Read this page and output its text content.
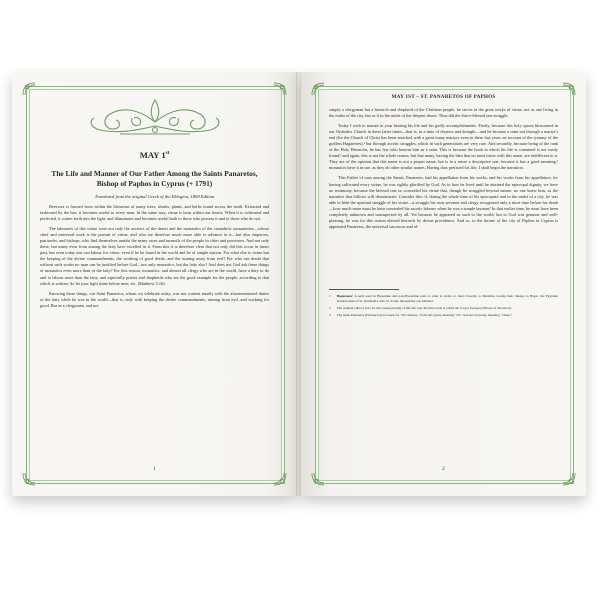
MAY 1st
The Life and Manner of Our Father Among the Saints Panaretos,
Bishop of Paphos in Cyprus (+ 1791)
Translated from the original Greek of the Eklogion, 1869 Edition

Beeswax is formed from within the blossoms of many trees, shrubs, plants, and herbs found across the earth. Extracted and fashioned by the bee, it becomes useful to every man. In the same way, virtue is born within our hearts. When it is cultivated and perfected, it comes forth into the light, and illuminates and becomes useful both to those who possess it and to those who do not.

The labourers of this virtue were not only the ascetics of the desert and the monastics of the coenobitic monasteries—whose chief and universal work is the pursuit of virtue, and who are therefore much more able to advance in it—but also emperors, patriarchs, and bishops, who find themselves amidst the many cares and turmoils of the people in cities and provinces. And not only these, but many even from among the laity have excelled in it. From this it is therefore clear that not only did this occur in times past, but even today one can labour for virtue, even if he be found in the world and be of simple station. For what else is virtue but the keeping of the divine commandments, the working of good deeds, and the turning away from evil? For who can doubt that without such works no man can be justified before God—not only monastics, but the laity also? And does not God ask these things of monastics even more than of the laity? For this reason, monastics, and almost all clergy who are in the world, have a duty to do and to labour more than the laity, and especially priests and shepherds who are the good example for the people, according to that which is written: So let your light shine before men, etc. (Matthew 5:16).

Knowing these things, our Saint Panaretos, whom we celebrate today, was not content merely with the aforementioned duties of the laity while he was in the world—that is, only with keeping the divine commandments, turning from evil, and working for good. But as a clergyman, and not

1
MAY 1ST – ST. PANARETOS OF PAPHOS

simply a clergyman but a hierarch and shepherd of the Christian people, he strove in the great works of virtue, not as one living in the midst of the city, but as if in the midst of the deepest desert. Thus did the thrice-blessed one struggle.

Today I wish to narrate to your hearing his life and his godly accomplishments. Firstly, because this holy sprout blossomed in our Orthodox Church in these latter times—that is, in a time of dryness and drought—and he became a saint not through a martyr's end (for the Church of Christ has been enriched with a great many martyrs even in these last years on account of the tyranny of the godless Hagarenes),¹ but through ascetic struggles, which in such generations are very rare. And secondly, because being of the rank of the Holy Hierarchs, he has few who honour him as a saint. This is because the book in which his life is contained is not easily found,² and again, this is not the whole reason, but that many, having the idea that no saint exists with this name, are indifferent to it. They are of the opinion that this name is not a proper name, but is in a sense a descriptive one, because it has a good meaning,³ monastics have it in use, as they do other similar names. Having thus prefaced his life, I shall begin the narration.

This Father of ours among the Saints, Panaretos, had his appellation from his works, and his works from his appellation, for having cultivated every virtue, he was rightly glorified by God. As to how he lived until he attained the episcopal dignity, we have no testimony, because the blessed one so concealed his virtue that, though he struggled beyond nature, no one knew him, as the narrative that follows will demonstrate. Consider this: if, during the whole time of his episcopate and in the midst of a city, he was able to hide the spiritual struggle of his virtue—a struggle his own servants and clergy recognized only a short time before his death—how much more must he have concealed his ascetic labours when he was a simple layman? In that earlier time, he must have been completely unknown and unsuspected by all. Yet because he appeared as such to the world, but to God was genuine and well-pleasing, he was for this reason elected hierarch by divine providence. And so, to the throne of the city of Paphos in Cyprus is appointed Panaretos, the universal successor and al-

1 Hagarenes: A term used in Byzantine and post-Byzantine texts to refer to Arabs or, more broadly, to Muslims, tracing their lineage to Hagar, the Egyptian bondswoman of St. Abraham's wife St. Sarah, through her son Ishmael.
2 The original editor's note for the Greek printing of this life says that this book is called the Υλιγοι Σωτήρια (Haven of Salvation).
3 The name Panaretos (Πανάρετος) is Greek for "all-virtuous," from πᾶν (pan), meaning "all," and ἀρετή (arete), meaning "virtue."
2
